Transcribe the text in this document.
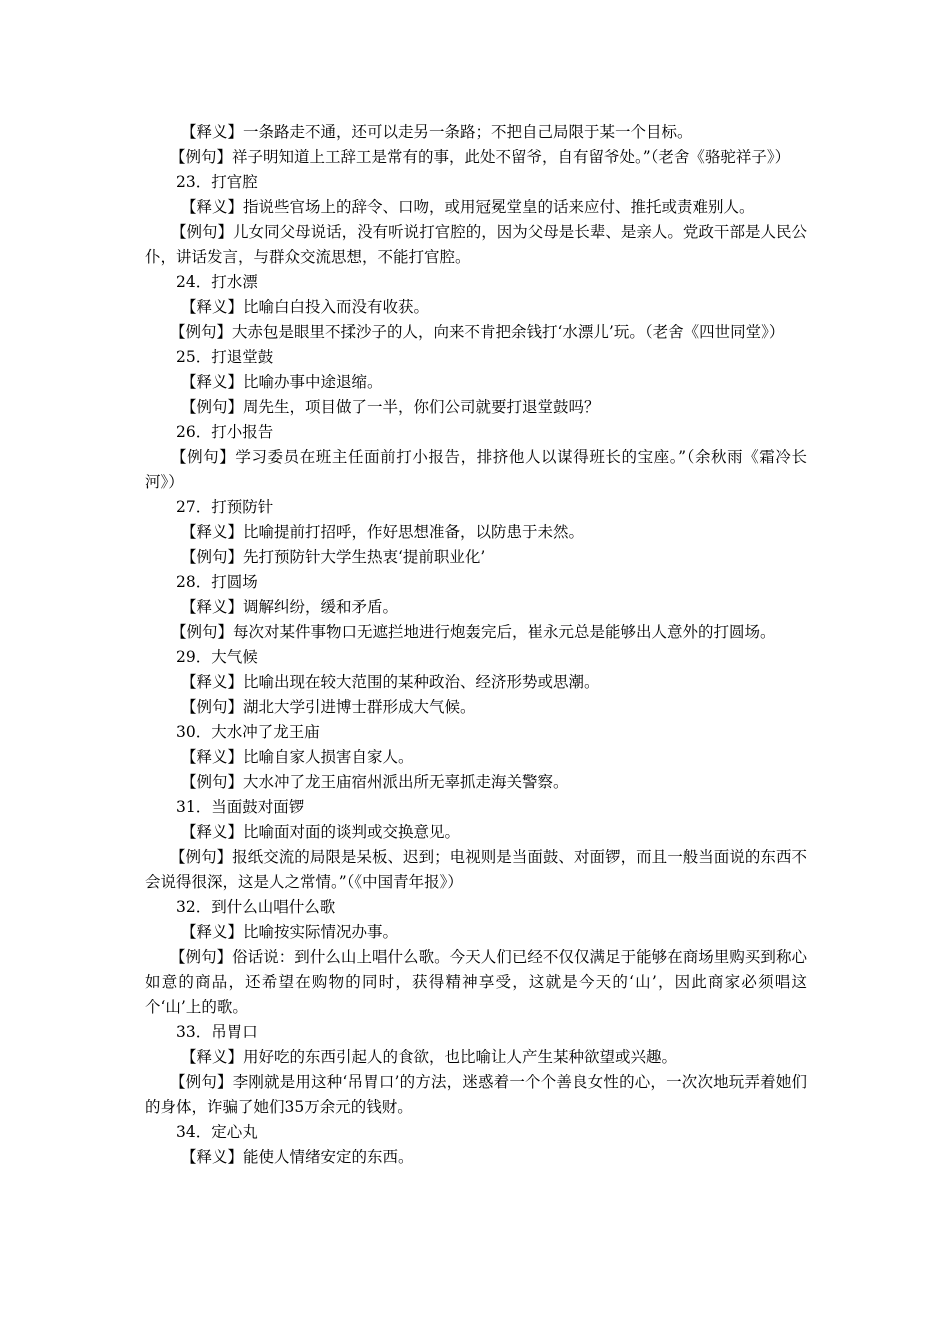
【释义】一条路走不通，还可以走另一条路；不把自己局限于某一个目标。

【例句】祥子明知道上工辞工是常有的事，此处不留爷，自有留爷处。”（老舍《骆驼祥子》）

23．打官腔

【释义】指说些官场上的辞令、口吻，或用冠冕堂皇的话来应付、推托或责难别人。

【例句】儿女同父母说话，没有听说打官腔的，因为父母是长辈、是亲人。党政干部是人民公仆，讲话发言，与群众交流思想，不能打官腔。

24．打水漂

【释义】比喻白白投入而没有收获。

【例句】大赤包是眼里不揉沙子的人，向来不肯把余钱打‘水漂儿’玩。（老舍《四世同堂》）

25．打退堂鼓

【释义】比喻办事中途退缩。

【例句】周先生，项目做了一半，你们公司就要打退堂鼓吗？

26．打小报告

【例句】学习委员在班主任面前打小报告，排挤他人以谋得班长的宝座。”（余秋雨《霜冷长河》）

27．打预防针

【释义】比喻提前打招呼，作好思想准备，以防患于未然。

【例句】先打预防针大学生热衷‘提前职业化’

28．打圆场

【释义】调解纠纷，缓和矛盾。

【例句】每次对某件事物口无遮拦地进行炮轰完后，崔永元总是能够出人意外的打圆场。

29．大气候

【释义】比喻出现在较大范围的某种政治、经济形势或思潮。

【例句】湖北大学引进博士群形成大气候。

30．大水冲了龙王庙

【释义】比喻自家人损害自家人。

【例句】大水冲了龙王庙宿州派出所无辜抓走海关警察。

31．当面鼓对面锣

【释义】比喻面对面的谈判或交换意见。

【例句】报纸交流的局限是呆板、迟到；电视则是当面鼓、对面锣，而且一般当面说的东西不会说得很深，这是人之常情。”（《中国青年报》）

32．到什么山唱什么歌

【释义】比喻按实际情况办事。

【例句】俗话说：到什么山上唱什么歌。今天人们已经不仅仅满足于能够在商场里购买到称心如意的商品，还希望在购物的同时，获得精神享受，这就是今天的‘山’，因此商家必须唱这个‘山’上的歌。

33．吊胃口

【释义】用好吃的东西引起人的食欲，也比喻让人产生某种欲望或兴趣。

【例句】李刚就是用这种‘吊胃口’的方法，迷惑着一个个善良女性的心，一次次地玩弄着她们的身体，诈骗了她们35万余元的钱财。

34．定心丸

【释义】能使人情绪安定的东西。
